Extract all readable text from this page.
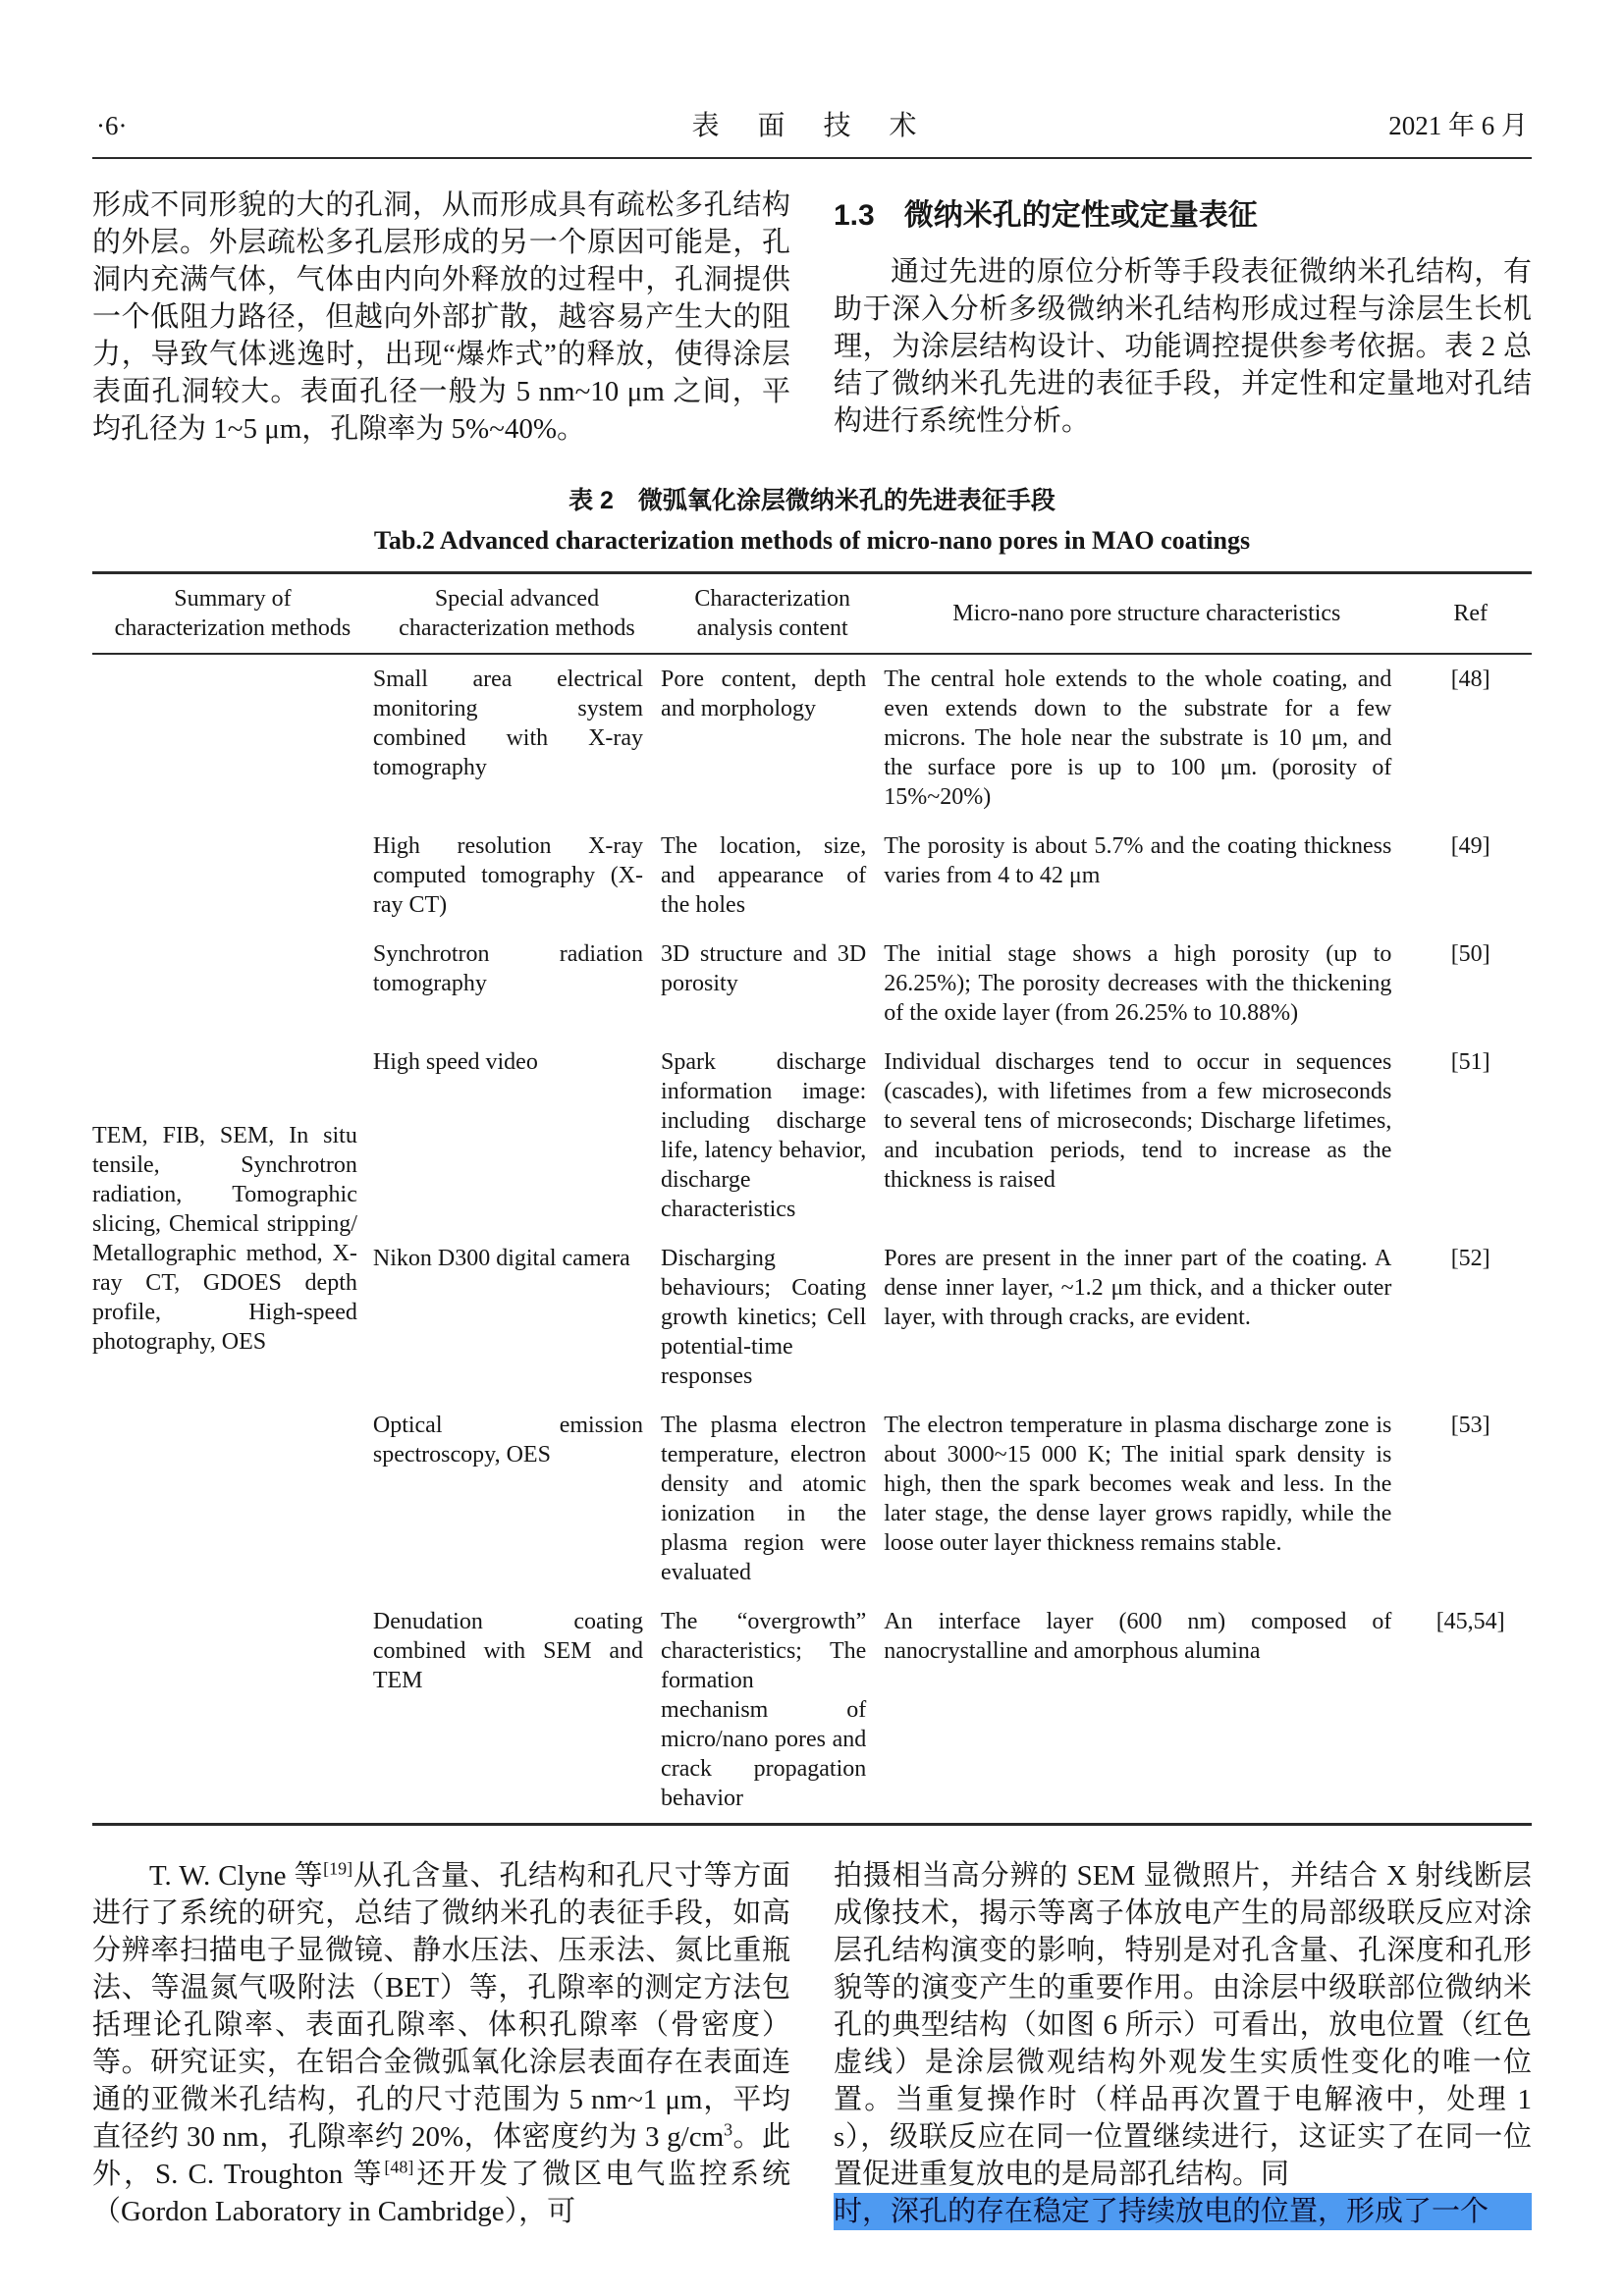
·6·	表 面 技 术	2021 年 6 月

形成不同形貌的大的孔洞，从而形成具有疏松多孔结构的外层。外层疏松多孔层形成的另一个原因可能是，孔洞内充满气体，气体由内向外释放的过程中，孔洞提供一个低阻力路径，但越向外部扩散，越容易产生大的阻力，导致气体逃逸时，出现“爆炸式”的释放，使得涂层表面孔洞较大。表面孔径一般为 5 nm~10 μm 之间，平均孔径为 1~5 μm，孔隙率为 5%~40%。

1.3　微纳米孔的定性或定量表征

通过先进的原位分析等手段表征微纳米孔结构，有助于深入分析多级微纳米孔结构形成过程与涂层生长机理，为涂层结构设计、功能调控提供参考依据。表 2 总结了微纳米孔先进的表征手段，并定性和定量地对孔结构进行系统性分析。

表 2　微弧氧化涂层微纳米孔的先进表征手段
Tab.2 Advanced characterization methods of micro-nano pores in MAO coatings
Summary of characterization methods	Special advanced characterization methods	Characterization analysis content	Micro-nano pore structure characteristics	Ref
TEM, FIB, SEM, In situ tensile, Synchrotron radiation, Tomographic slicing, Chemical stripping/ Metallographic method, X-ray CT, GDOES depth profile, High-speed photography, OES	Small area electrical monitoring system combined with X-ray tomography	Pore content, depth and morphology	The central hole extends to the whole coating, and even extends down to the substrate for a few microns. The hole near the substrate is 10 μm, and the surface pore is up to 100 μm. (porosity of 15%~20%)	[48]
	High resolution X-ray computed tomography (X-ray CT)	The location, size, and appearance of the holes	The porosity is about 5.7% and the coating thickness varies from 4 to 42 μm	[49]
	Synchrotron radiation tomography	3D structure and 3D porosity	The initial stage shows a high porosity (up to 26.25%); The porosity decreases with the thickening of the oxide layer (from 26.25% to 10.88%)	[50]
	High speed video	Spark discharge information image: including discharge life, latency behavior, discharge characteristics	Individual discharges tend to occur in sequences (cascades), with lifetimes from a few microseconds to several tens of microseconds; Discharge lifetimes, and incubation periods, tend to increase as the thickness is raised	[51]
	Nikon D300 digital camera	Discharging behaviours; Coating growth kinetics; Cell potential-time responses	Pores are present in the inner part of the coating. A dense inner layer, ~1.2 μm thick, and a thicker outer layer, with through cracks, are evident.	[52]
	Optical emission spectroscopy, OES	The plasma electron temperature, electron density and atomic ionization in the plasma region were evaluated	The electron temperature in plasma discharge zone is about 3000~15 000 K; The initial spark density is high, then the spark becomes weak and less. In the later stage, the dense layer grows rapidly, while the loose outer layer thickness remains stable.	[53]
	Denudation coating combined with SEM and TEM	The “overgrowth” characteristics; The formation mechanism of micro/nano pores and crack propagation behavior	An interface layer (600 nm) composed of nanocrystalline and amorphous alumina	[45,54]

T. W. Clyne 等[19]从孔含量、孔结构和孔尺寸等方面进行了系统的研究，总结了微纳米孔的表征手段，如高分辨率扫描电子显微镜、静水压法、压汞法、氮比重瓶法、等温氮气吸附法（BET）等，孔隙率的测定方法包括理论孔隙率、表面孔隙率、体积孔隙率（骨密度）等。研究证实，在铝合金微弧氧化涂层表面存在表面连通的亚微米孔结构，孔的尺寸范围为 5 nm~1 μm，平均直径约 30 nm，孔隙率约 20%，体密度约为 3 $g/cm^3$。此外，S. C. Troughton 等[48]还开发了微区电气监控系统（Gordon Laboratory in Cambridge），可

拍摄相当高分辨的 SEM 显微照片，并结合 X 射线断层成像技术，揭示等离子体放电产生的局部级联反应对涂层孔结构演变的影响，特别是对孔含量、孔深度和孔形貌等的演变产生的重要作用。由涂层中级联部位微纳米孔的典型结构（如图 6 所示）可看出，放电位置（红色虚线）是涂层微观结构外观发生实质性变化的唯一位置。当重复操作时（样品再次置于电解液中，处理 1 s），级联反应在同一位置继续进行，这证实了在同一位置促进重复放电的是局部孔结构。同

时，深孔的存在稳定了持续放电的位置，形成了一个
